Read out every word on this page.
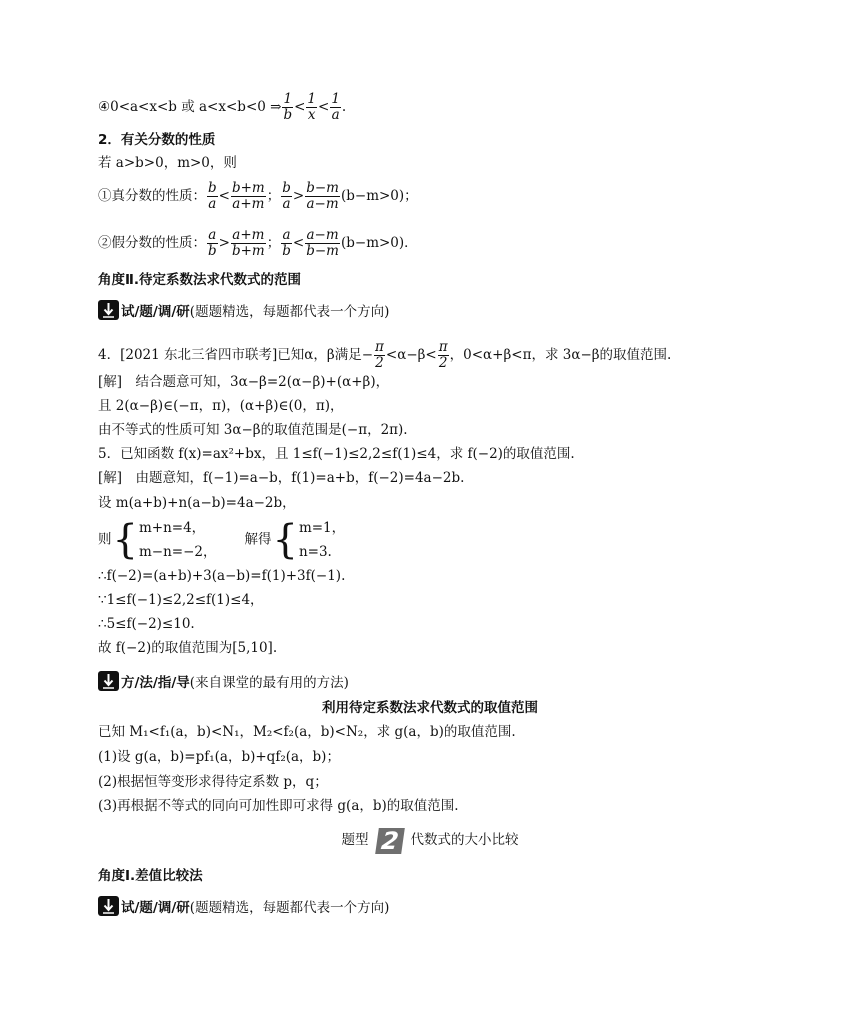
④0<a<x<b 或 a<x<b<0 ⇒ $\frac{1}{b} < \frac{1}{x} < \frac{1}{a}$ .
2．有关分数的性质
若 a>b>0，m>0，则
①真分数的性质： $\frac{b}{a} < \frac{b+m}{a+m}$ ； $\frac{b}{a} > \frac{b-m}{a-m} (b-m>0)$；
②假分数的性质： $\frac{a}{b} > \frac{a+m}{b+m}$ ； $\frac{a}{b} < \frac{a-m}{b-m} (b-m>0)$．
角度Ⅱ.待定系数法求代数式的范围
试/题/调/研(题题精选，每题都代表一个方向)
4．[2021 东北三省四市联考]已知α，β满足− $\frac{\pi}{2} <\alpha-\beta< \frac{\pi}{2}$ ，0<α+β<π，求 3α−β的取值范围.
[解]　结合题意可知，3α−β=2(α−β)+(α+β)，
且 2(α−β)∈(−π，π)，(α+β)∈(0，π)，
由不等式的性质可知 3α−β的取值范围是(−π，2π).
5．已知函数 f(x)=ax²+bx，且 1≤f(−1)≤2,2≤f(1)≤4，求 f(−2)的取值范围.
[解]　由题意知，f(−1)=a−b，f(1)=a+b，f(−2)=4a−2b.
设 m(a+b)+n(a−b)=4a−2b，
则{ m+n=4，
m−n=−2，
解得{ m=1，
n=3.
∴f(−2)=(a+b)+3(a−b)=f(1)+3f(−1).
∵1≤f(−1)≤2,2≤f(1)≤4，
∴5≤f(−2)≤10.
故 f(−2)的取值范围为[5,10].
方/法/指/导(来自课堂的最有用的方法)
利用待定系数法求代数式的取值范围
已知 M₁<f₁(a，b)<N₁，M₂<f₂(a，b)<N₂，求 g(a，b)的取值范围.
(1)设 g(a，b)=pf₁(a，b)+qf₂(a，b)；
(2)根据恒等变形求得待定系数 p，q；
(3)再根据不等式的同向可加性即可求得 g(a，b)的取值范围.
题型 2 代数式的大小比较
角度Ⅰ.差值比较法
试/题/调/研(题题精选，每题都代表一个方向)
